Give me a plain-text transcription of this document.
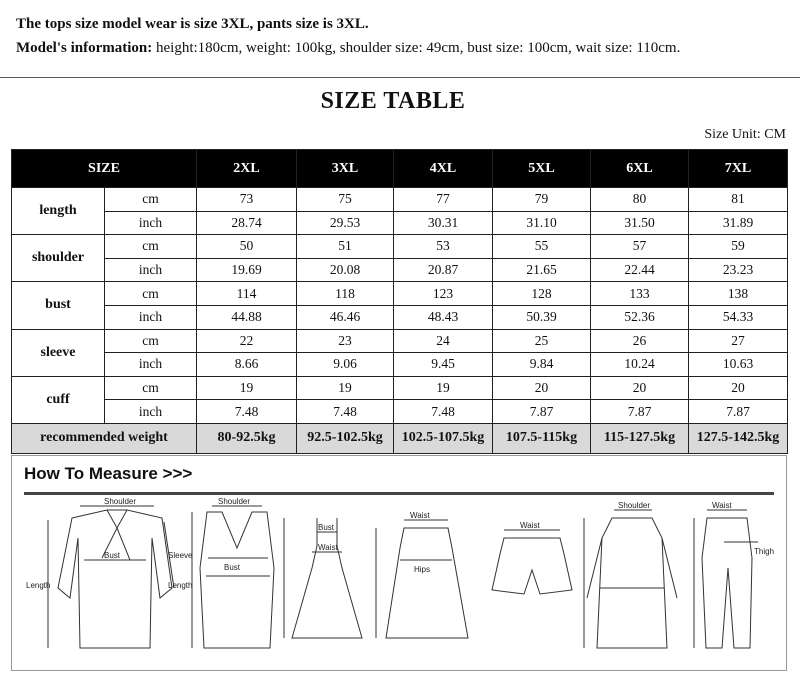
The tops size model wear is size 3XL, pants size is 3XL.
Model's information: height:180cm, weight: 100kg, shoulder size: 49cm, bust size: 100cm, wait size: 110cm.
SIZE TABLE
Size Unit: CM
SIZE		2XL	3XL	4XL	5XL	6XL	7XL
length	cm	73	75	77	79	80	81
	inch	28.74	29.53	30.31	31.10	31.50	31.89
shoulder	cm	50	51	53	55	57	59
	inch	19.69	20.08	20.87	21.65	22.44	23.23
bust	cm	114	118	123	128	133	138
	inch	44.88	46.46	48.43	50.39	52.36	54.33
sleeve	cm	22	23	24	25	26	27
	inch	8.66	9.06	9.45	9.84	10.24	10.63
cuff	cm	19	19	19	20	20	20
	inch	7.48	7.48	7.48	7.87	7.87	7.87
recommended weight		80-92.5kg	92.5-102.5kg	102.5-107.5kg	107.5-115kg	115-127.5kg	127.5-142.5kg
How To Measure >>>
Shoulder
Bust
Length
Sleeve
Shoulder
Bust
Length
Bust
Waist
Waist
Hips
Waist
Shoulder	Waist
Thigh
